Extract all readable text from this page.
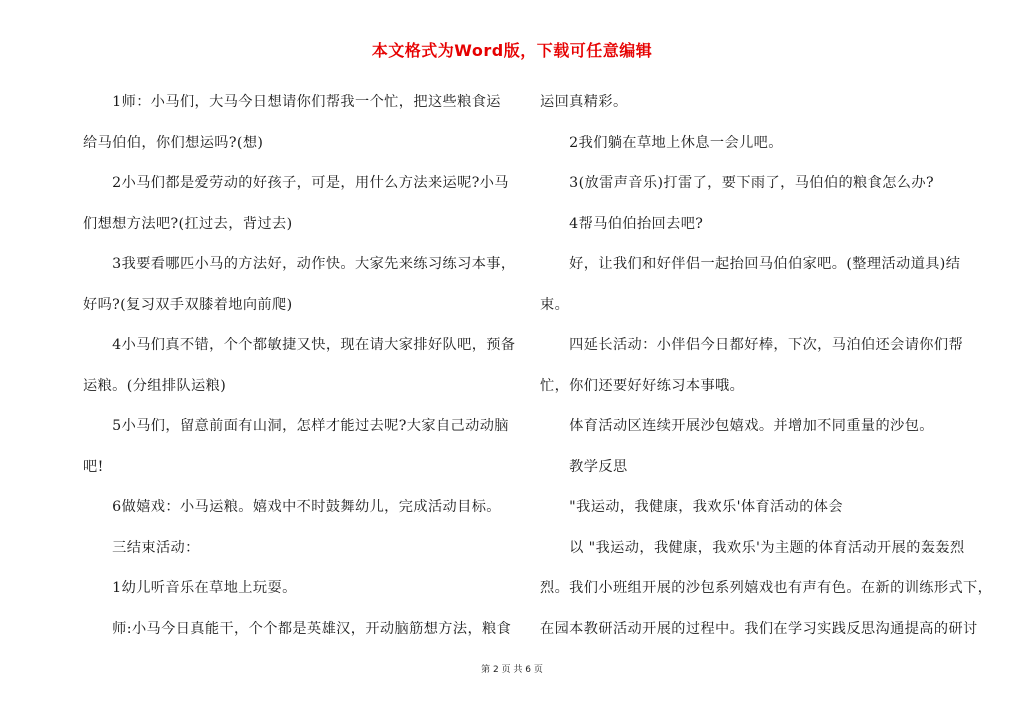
本文格式为Word版，下载可任意编辑
　　1师：小马们，大马今日想请你们帮我一个忙，把这些粮食运
给马伯伯，你们想运吗?(想)
　　2小马们都是爱劳动的好孩子，可是，用什么方法来运呢?小马
们想想方法吧?(扛过去，背过去)
　　3我要看哪匹小马的方法好，动作快。大家先来练习练习本事，
好吗?(复习双手双膝着地向前爬)
　　4小马们真不错，个个都敏捷又快，现在请大家排好队吧，预备
运粮。(分组排队运粮)
　　5小马们，留意前面有山洞，怎样才能过去呢?大家自己动动脑
吧!
　　6做嬉戏：小马运粮。嬉戏中不时鼓舞幼儿，完成活动目标。
　　三结束活动：
　　1幼儿听音乐在草地上玩耍。
　　师:小马今日真能干，个个都是英雄汉，开动脑筋想方法，粮食
运回真精彩。
　　2我们躺在草地上休息一会儿吧。
　　3(放雷声音乐)打雷了，要下雨了，马伯伯的粮食怎么办?
　　4帮马伯伯抬回去吧?
　　好，让我们和好伴侣一起抬回马伯伯家吧。(整理活动道具)结
束。
　　四延长活动：小伴侣今日都好棒，下次，马泊伯还会请你们帮
忙，你们还要好好练习本事哦。
　　体育活动区连续开展沙包嬉戏。并增加不同重量的沙包。
　　教学反思
　　"我运动，我健康，我欢乐'体育活动的体会
　　以 "我运动，我健康，我欢乐'为主题的体育活动开展的轰轰烈
烈。我们小班组开展的沙包系列嬉戏也有声有色。在新的训练形式下，
在园本教研活动开展的过程中。我们在学习实践反思沟通提高的研讨
第 2 页 共 6 页
